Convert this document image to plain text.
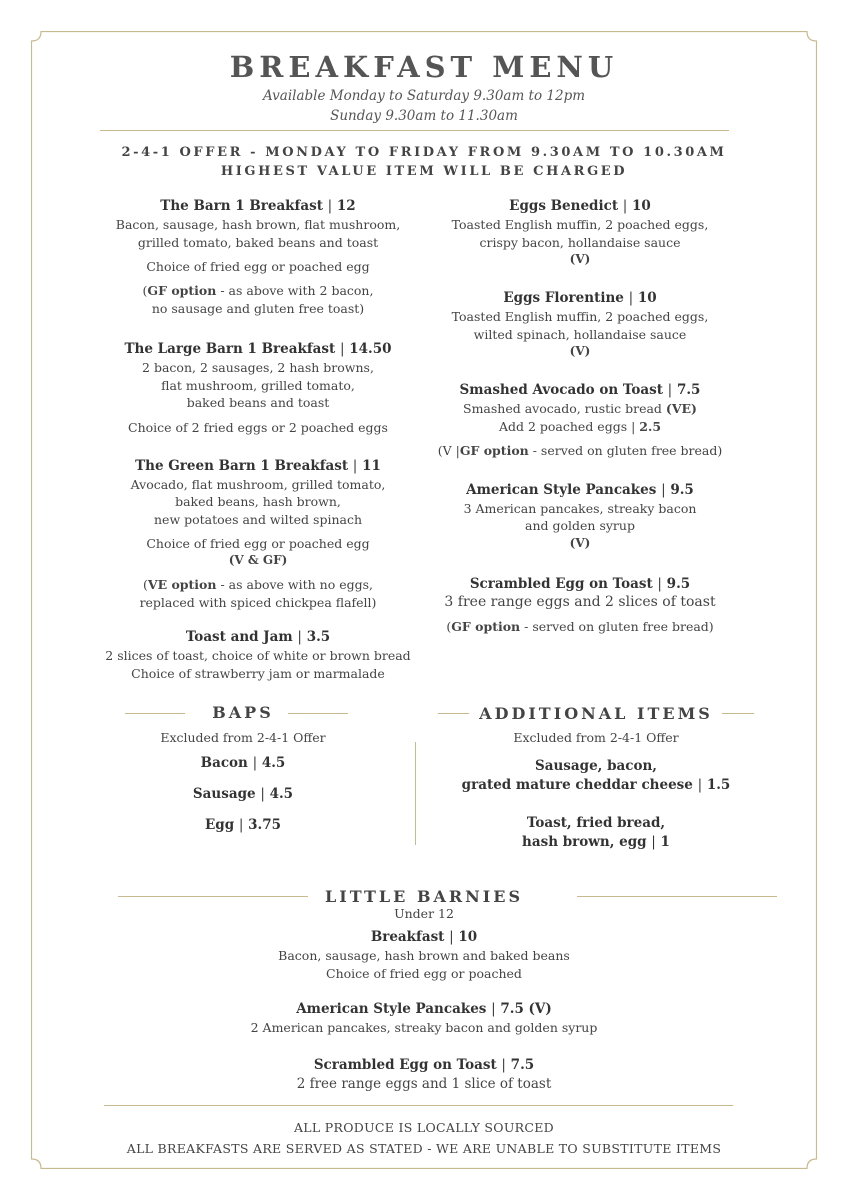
BREAKFAST MENU
Available Monday to Saturday 9.30am to 12pm
Sunday 9.30am to 11.30am
2-4-1 OFFER - MONDAY TO FRIDAY FROM 9.30AM TO 10.30AM
HIGHEST VALUE ITEM WILL BE CHARGED
The Barn 1 Breakfast | 12
Bacon, sausage, hash brown, flat mushroom,
grilled tomato, baked beans and toast
Choice of fried egg or poached egg
(GF option - as above with 2 bacon,
no sausage and gluten free toast)
The Large Barn 1 Breakfast | 14.50
2 bacon, 2 sausages, 2 hash browns,
flat mushroom, grilled tomato,
baked beans and toast
Choice of 2 fried eggs or 2 poached eggs
The Green Barn 1 Breakfast | 11
Avocado, flat mushroom, grilled tomato,
baked beans, hash brown,
new potatoes and wilted spinach
Choice of fried egg or poached egg
(V & GF)
(VE option - as above with no eggs,
replaced with spiced chickpea flafell)
Toast and Jam | 3.5
2 slices of toast, choice of white or brown bread
Choice of strawberry jam or marmalade
Eggs Benedict | 10
Toasted English muffin, 2 poached eggs,
crispy bacon, hollandaise sauce
(V)
Eggs Florentine | 10
Toasted English muffin, 2 poached eggs,
wilted spinach, hollandaise sauce
(V)
Smashed Avocado on Toast | 7.5
Smashed avocado, rustic bread (VE)
Add 2 poached eggs | 2.5
(V |GF option - served on gluten free bread)
American Style Pancakes | 9.5
3 American pancakes, streaky bacon
and golden syrup
(V)
Scrambled Egg on Toast | 9.5
3 free range eggs and 2 slices of toast
(GF option - served on gluten free bread)
BAPS
Excluded from 2-4-1 Offer
Bacon | 4.5
Sausage | 4.5
Egg | 3.75
ADDITIONAL ITEMS
Excluded from 2-4-1 Offer
Sausage, bacon,
grated mature cheddar cheese | 1.5
Toast, fried bread,
hash brown, egg | 1
LITTLE BARNIES
Under 12
Breakfast | 10
Bacon, sausage, hash brown and baked beans
Choice of fried egg or poached
American Style Pancakes | 7.5 (V)
2 American pancakes, streaky bacon and golden syrup
Scrambled Egg on Toast | 7.5
2 free range eggs and 1 slice of toast
ALL PRODUCE IS LOCALLY SOURCED
ALL BREAKFASTS ARE SERVED AS STATED - WE ARE UNABLE TO SUBSTITUTE ITEMS
